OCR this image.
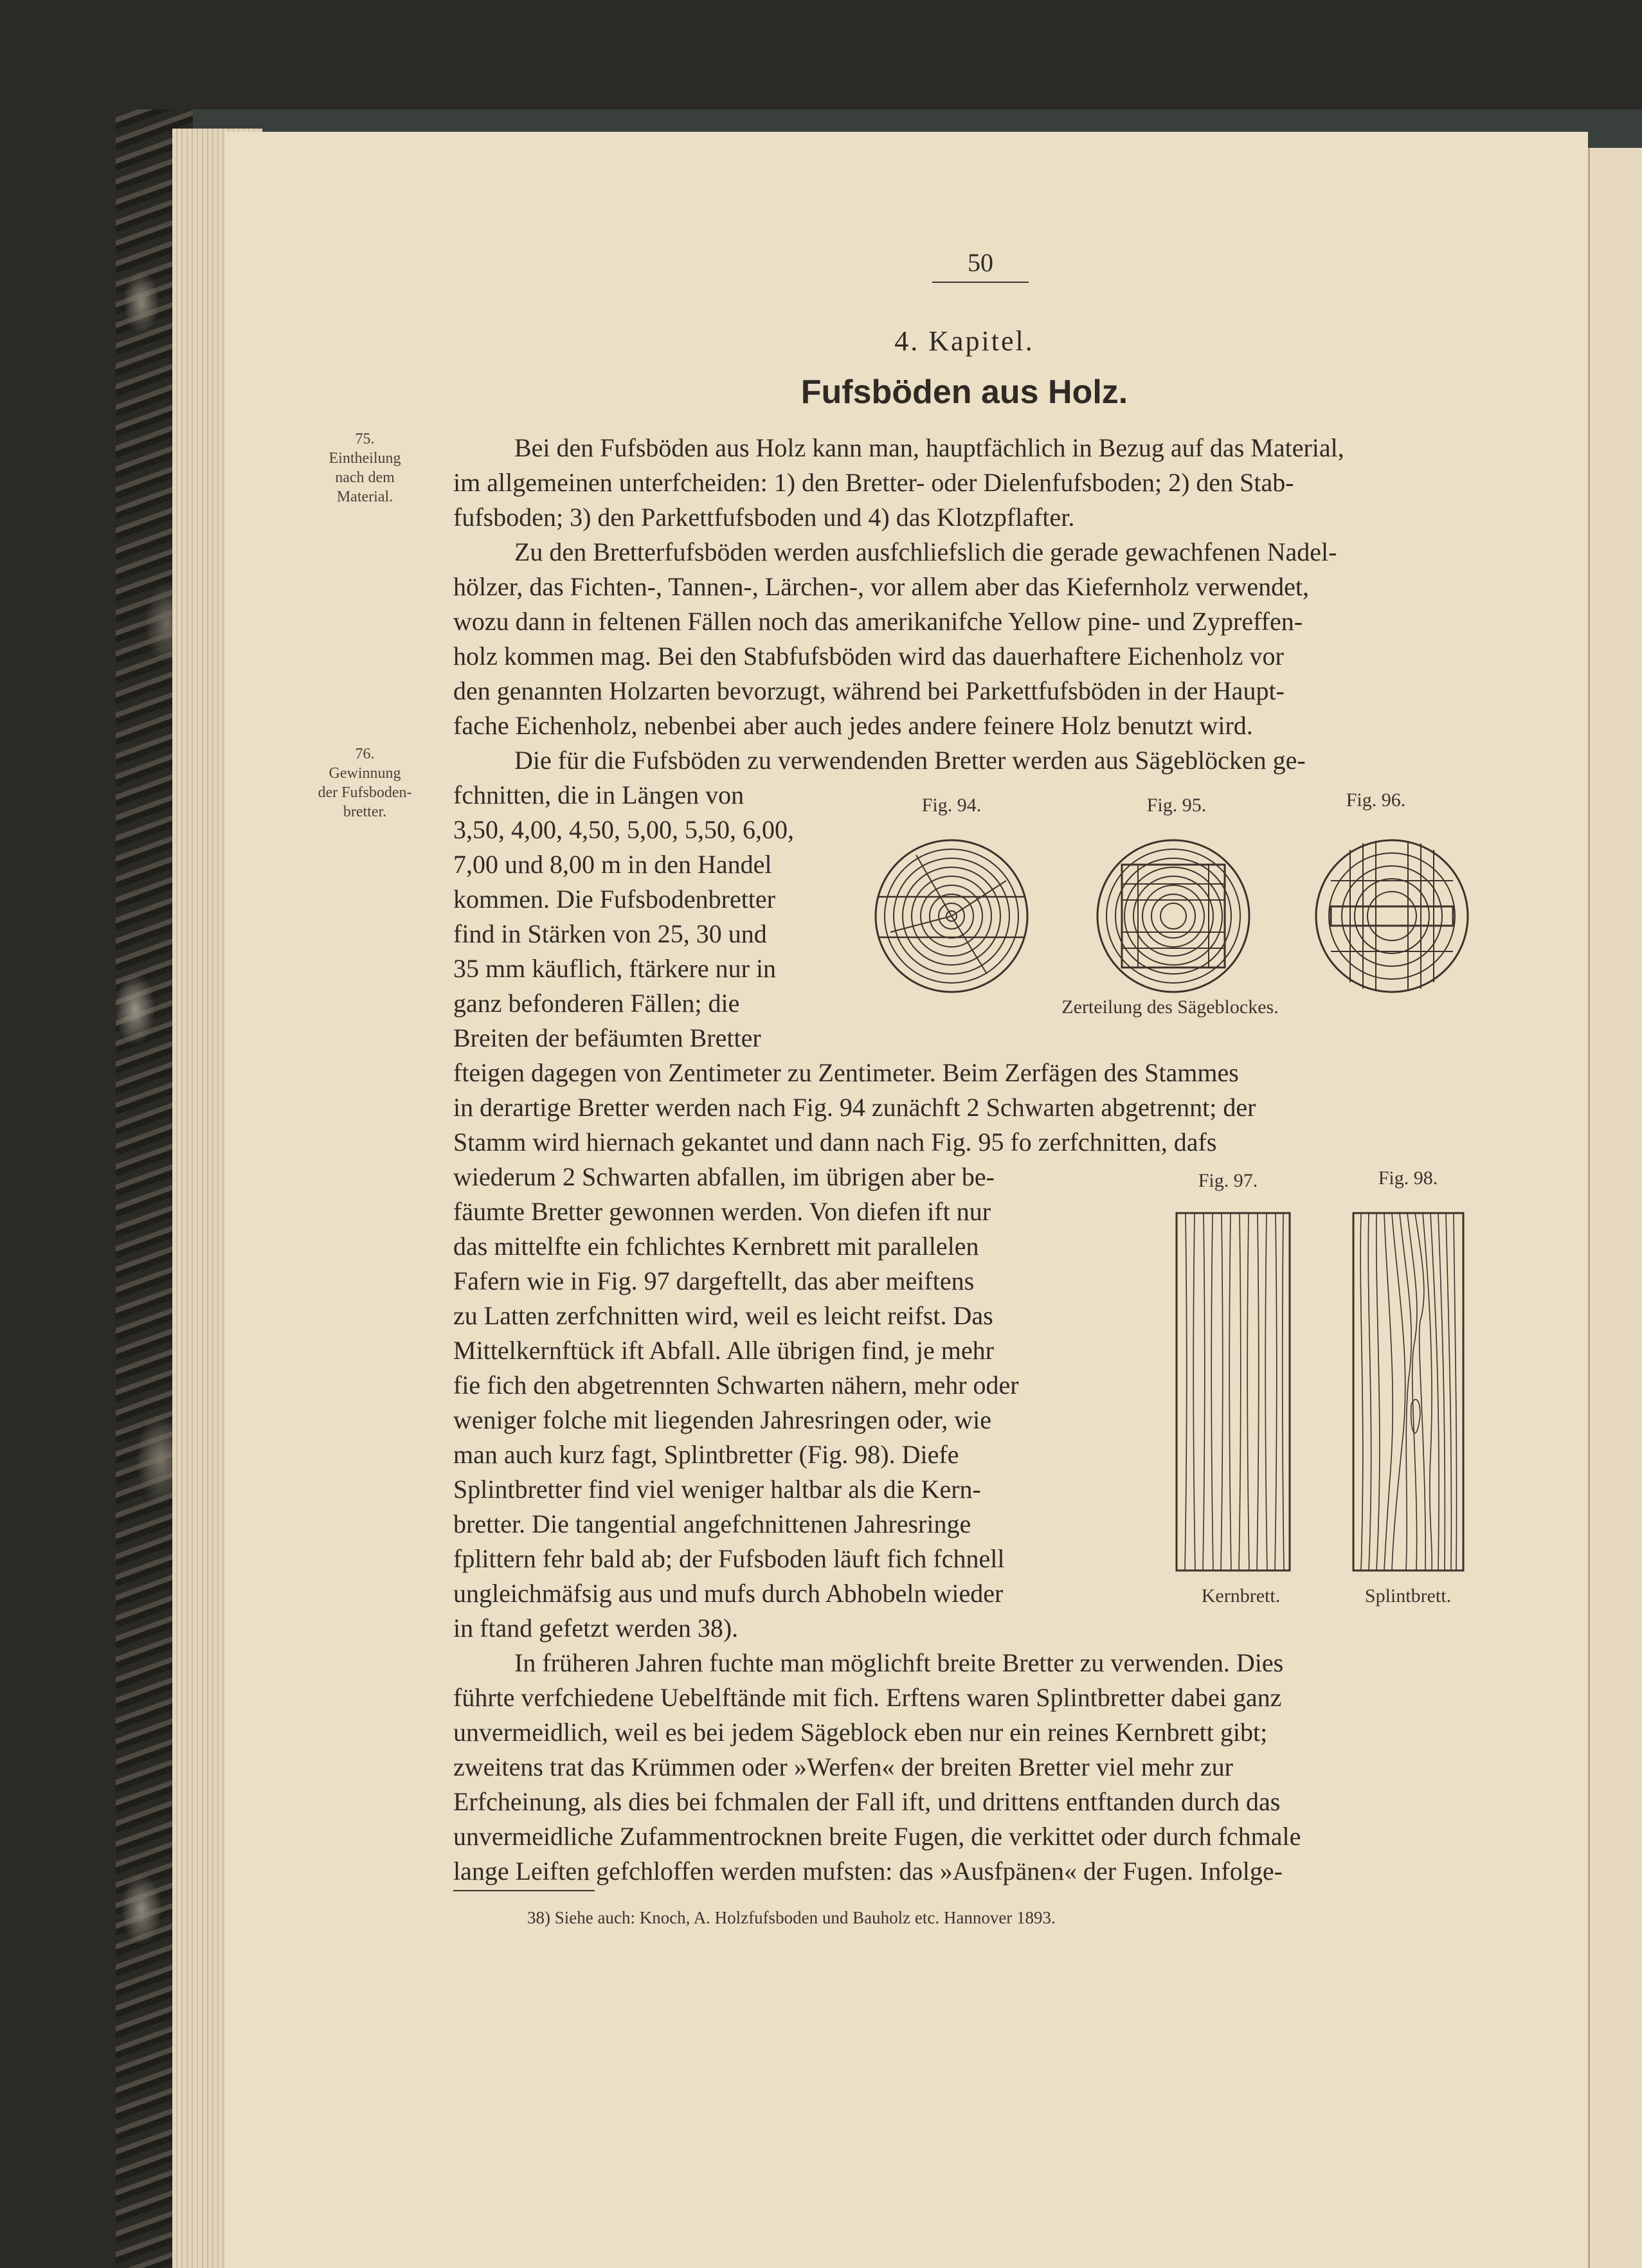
50
4. Kapitel.
Fufsböden aus Holz.
75.
Eintheilung
nach dem
Material.
76.
Gewinnung
der Fufsboden-
bretter.
Bei den Fufsböden aus Holz kann man, hauptfächlich in Bezug auf das Material,
im allgemeinen unterfcheiden: 1) den Bretter- oder Dielenfufsboden; 2) den Stab-
fufsboden; 3) den Parkettfufsboden und 4) das Klotzpflafter.
Zu den Bretterfufsböden werden ausfchliefslich die gerade gewachfenen Nadel-
hölzer, das Fichten-, Tannen-, Lärchen-, vor allem aber das Kiefernholz verwendet,
wozu dann in feltenen Fällen noch das amerikanifche Yellow pine- und Zypreffen-
holz kommen mag. Bei den Stabfufsböden wird das dauerhaftere Eichenholz vor
den genannten Holzarten bevorzugt, während bei Parkettfufsböden in der Haupt-
fache Eichenholz, nebenbei aber auch jedes andere feinere Holz benutzt wird.
Die für die Fufsböden zu verwendenden Bretter werden aus Sägeblöcken ge-
fchnitten, die in Längen von
3,50, 4,00, 4,50, 5,00, 5,50, 6,00,
7,00 und 8,00 m in den Handel
kommen. Die Fufsbodenbretter
find in Stärken von 25, 30 und
35 mm käuflich, ftärkere nur in
ganz befonderen Fällen; die
Breiten der befäumten Bretter
fteigen dagegen von Zentimeter zu Zentimeter. Beim Zerfägen des Stammes
in derartige Bretter werden nach Fig. 94 zunächft 2 Schwarten abgetrennt; der
Stamm wird hiernach gekantet und dann nach Fig. 95 fo zerfchnitten, dafs
wiederum 2 Schwarten abfallen, im übrigen aber be-
fäumte Bretter gewonnen werden. Von diefen ift nur
das mittelfte ein fchlichtes Kernbrett mit parallelen
Fafern wie in Fig. 97 dargeftellt, das aber meiftens
zu Latten zerfchnitten wird, weil es leicht reifst. Das
Mittelkernftück ift Abfall. Alle übrigen find, je mehr
fie fich den abgetrennten Schwarten nähern, mehr oder
weniger folche mit liegenden Jahresringen oder, wie
man auch kurz fagt, Splintbretter (Fig. 98). Diefe
Splintbretter find viel weniger haltbar als die Kern-
bretter. Die tangential angefchnittenen Jahresringe
fplittern fehr bald ab; der Fufsboden läuft fich fchnell
ungleichmäfsig aus und mufs durch Abhobeln wieder
in ftand gefetzt werden 38).
In früheren Jahren fuchte man möglichft breite Bretter zu verwenden. Dies
führte verfchiedene Uebelftände mit fich. Erftens waren Splintbretter dabei ganz
unvermeidlich, weil es bei jedem Sägeblock eben nur ein reines Kernbrett gibt;
zweitens trat das Krümmen oder »Werfen« der breiten Bretter viel mehr zur
Erfcheinung, als dies bei fchmalen der Fall ift, und drittens entftanden durch das
unvermeidliche Zufammentrocknen breite Fugen, die verkittet oder durch fchmale
lange Leiften gefchloffen werden mufsten: das »Ausfpänen« der Fugen. Infolge-
Fig. 94.	Fig. 95.	Fig. 96.
Zerteilung des Sägeblockes.
Fig. 97.	Fig. 98.
Kernbrett.	Splintbrett.
38) Siehe auch: Knoch, A. Holzfufsboden und Bauholz etc. Hannover 1893.
